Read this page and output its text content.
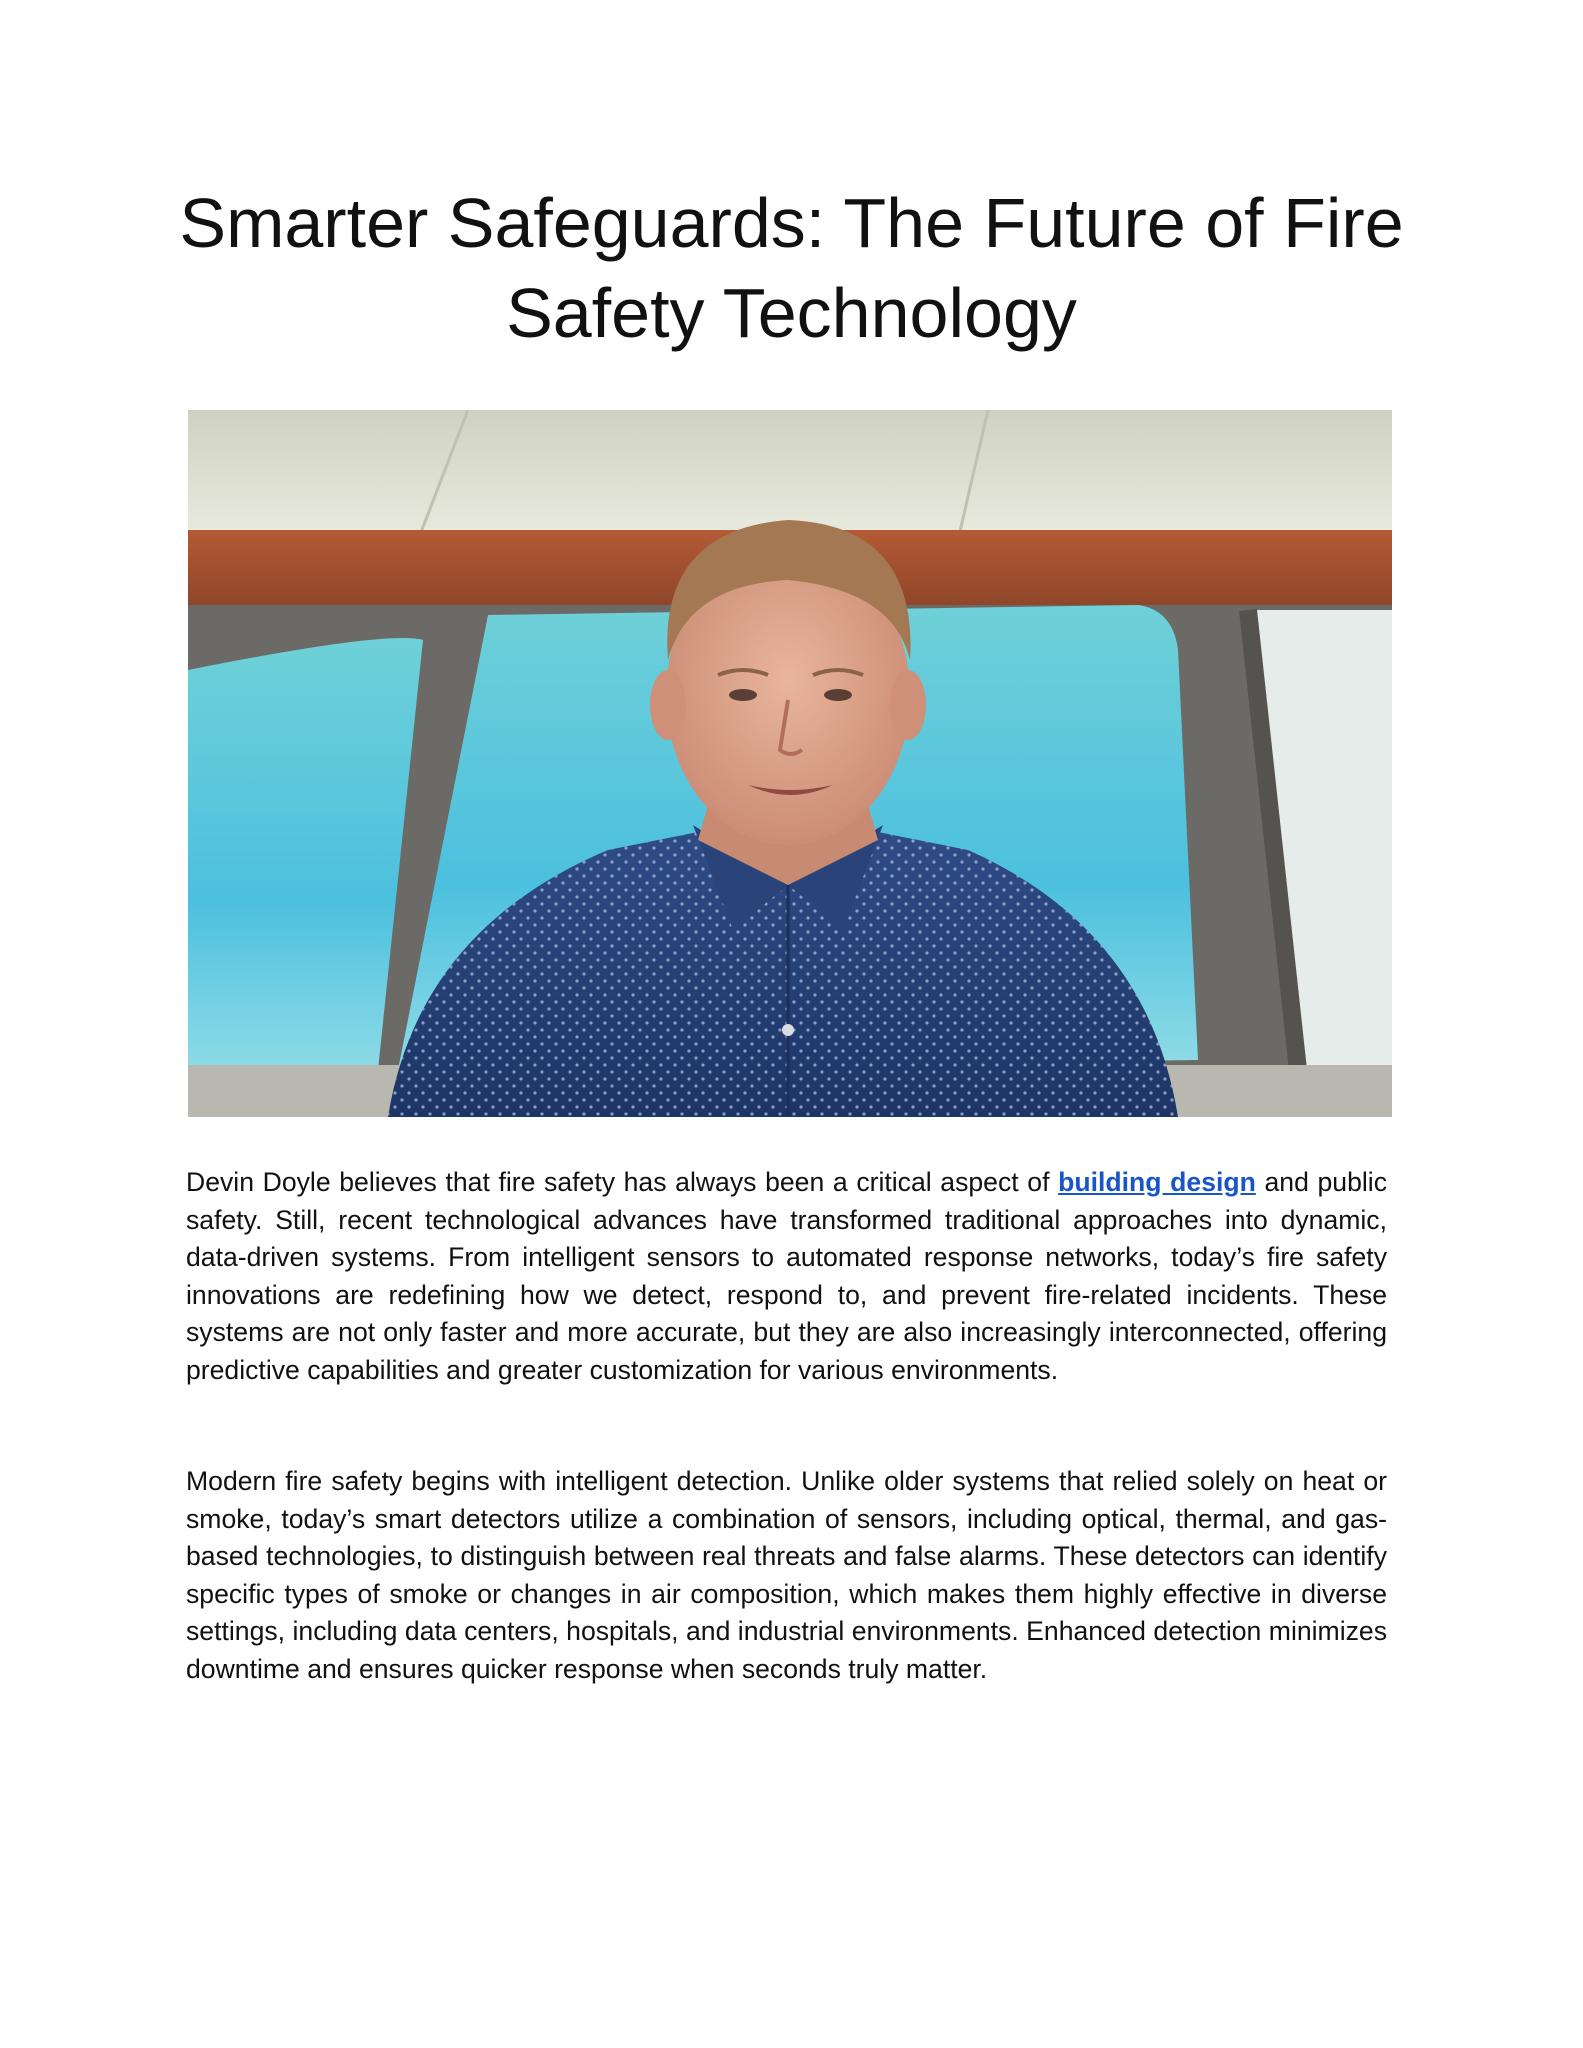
Smarter Safeguards: The Future of Fire Safety Technology

Devin Doyle believes that fire safety has always been a critical aspect of building design and public safety. Still, recent technological advances have transformed traditional approaches into dynamic, data-driven systems. From intelligent sensors to automated response networks, today’s fire safety innovations are redefining how we detect, respond to, and prevent fire-related incidents. These systems are not only faster and more accurate, but they are also increasingly interconnected, offering predictive capabilities and greater customization for various environments.

Modern fire safety begins with intelligent detection. Unlike older systems that relied solely on heat or smoke, today’s smart detectors utilize a combination of sensors, including optical, thermal, and gas-based technologies, to distinguish between real threats and false alarms. These detectors can identify specific types of smoke or changes in air composition, which makes them highly effective in diverse settings, including data centers, hospitals, and industrial environments. Enhanced detection minimizes downtime and ensures quicker response when seconds truly matter.
